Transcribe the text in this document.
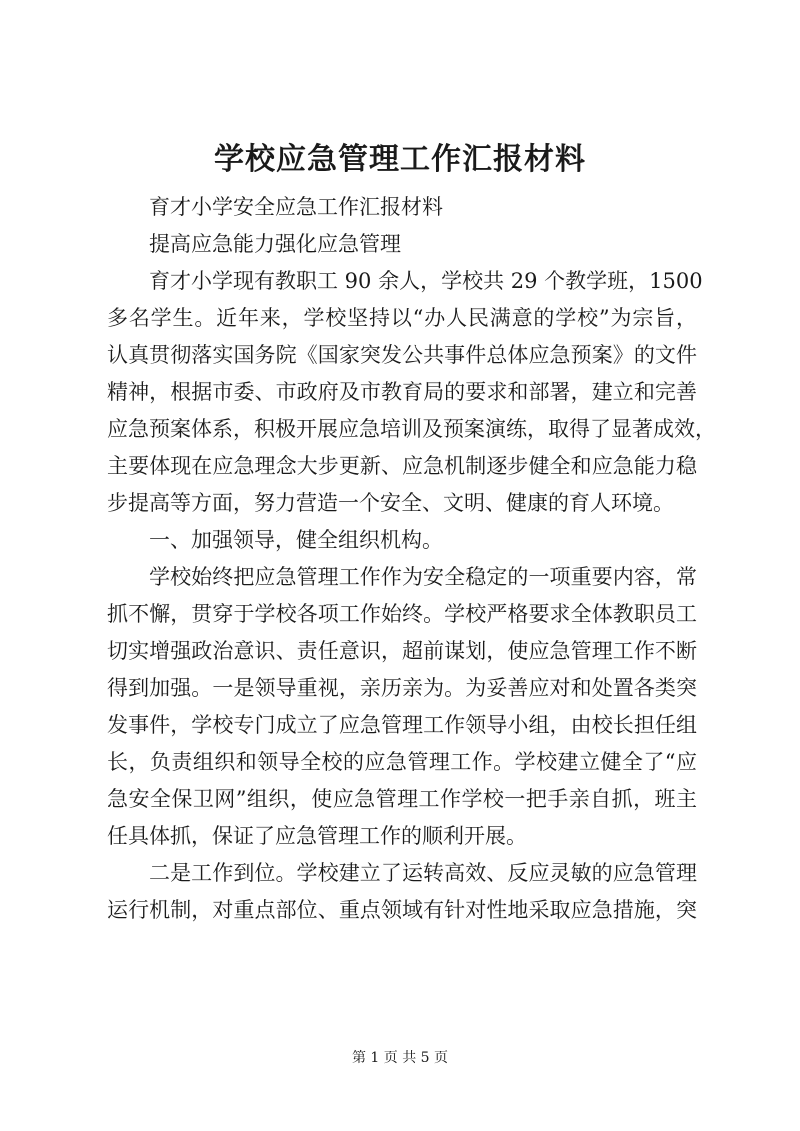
学校应急管理工作汇报材料
育才小学安全应急工作汇报材料
提高应急能力强化应急管理
育才小学现有教职工 90 余人，学校共 29 个教学班，1500
多名学生。近年来，学校坚持以“办人民满意的学校”为宗旨，
认真贯彻落实国务院《国家突发公共事件总体应急预案》的文件
精神，根据市委、市政府及市教育局的要求和部署，建立和完善
应急预案体系，积极开展应急培训及预案演练，取得了显著成效，
主要体现在应急理念大步更新、应急机制逐步健全和应急能力稳
步提高等方面，努力营造一个安全、文明、健康的育人环境。
一、加强领导，健全组织机构。
学校始终把应急管理工作作为安全稳定的一项重要内容，常
抓不懈，贯穿于学校各项工作始终。学校严格要求全体教职员工
切实增强政治意识、责任意识，超前谋划，使应急管理工作不断
得到加强。一是领导重视，亲历亲为。为妥善应对和处置各类突
发事件，学校专门成立了应急管理工作领导小组，由校长担任组
长，负责组织和领导全校的应急管理工作。学校建立健全了“应
急安全保卫网”组织，使应急管理工作学校一把手亲自抓，班主
任具体抓，保证了应急管理工作的顺利开展。
二是工作到位。学校建立了运转高效、反应灵敏的应急管理
运行机制，对重点部位、重点领域有针对性地采取应急措施，突
第 1 页 共 5 页
